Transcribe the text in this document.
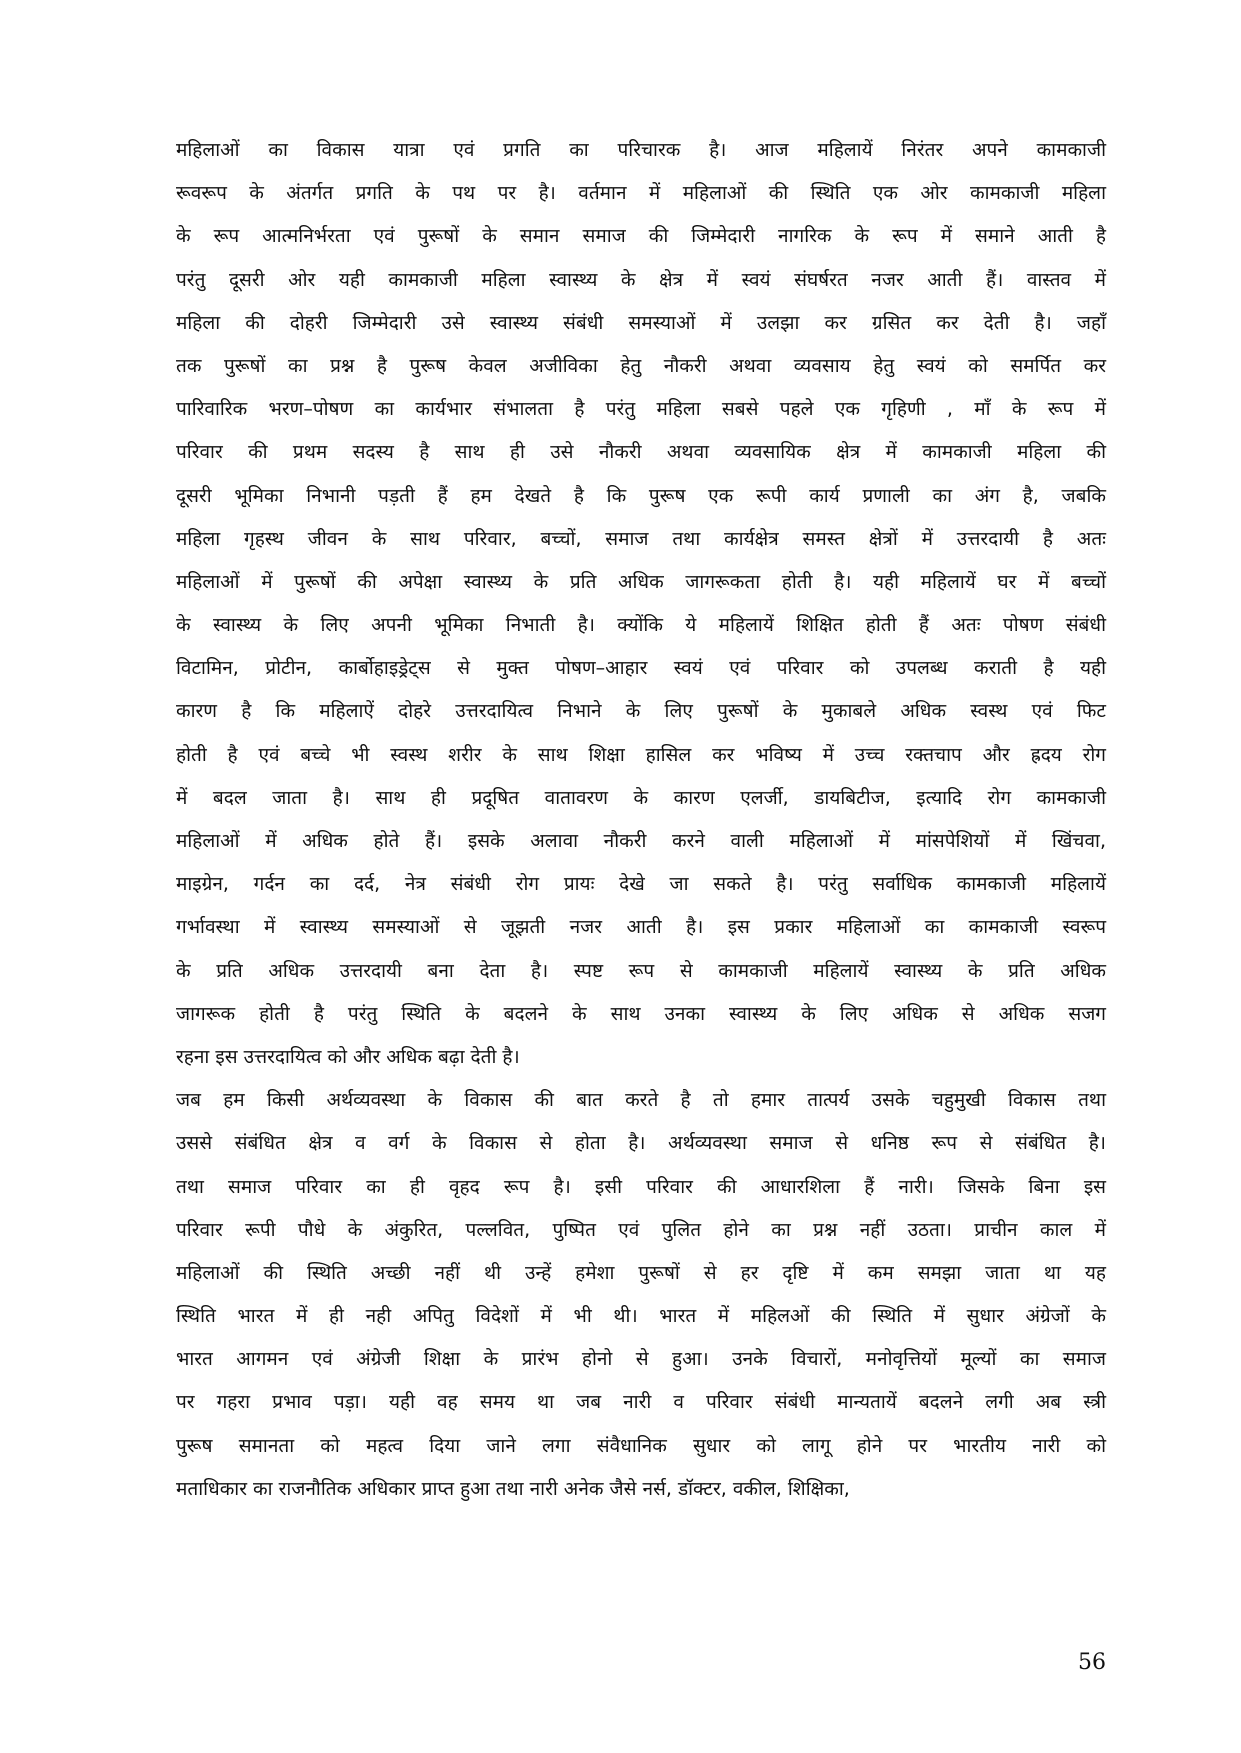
महिलाओं का विकास यात्रा एवं प्रगति का परिचारक है। आज महिलायें निरंतर अपने कामकाजी
रूवरूप के अंतर्गत प्रगति के पथ पर है। वर्तमान में महिलाओं की स्थिति एक ओर कामकाजी महिला
के रूप आत्मनिर्भरता एवं पुरूषों के समान समाज की जिम्मेदारी नागरिक के रूप में समाने आती है
परंतु दूसरी ओर यही कामकाजी महिला स्वास्थ्य के क्षेत्र में स्वयं संघर्षरत नजर आती हैं। वास्तव में
महिला की दोहरी जिम्मेदारी उसे स्वास्थ्य संबंधी समस्याओं में उलझा कर ग्रसित कर देती है। जहॉं
तक पुरूषों का प्रश्न है पुरूष केवल अजीविका हेतु नौकरी अथवा व्यवसाय हेतु स्वयं को समर्पित कर
पारिवारिक भरण–पोषण का कार्यभार संभालता है परंतु महिला सबसे पहले एक गृहिणी , मॉं के रूप में
परिवार की प्रथम सदस्य है साथ ही उसे नौकरी अथवा व्यवसायिक क्षेत्र में कामकाजी महिला की
दूसरी भूमिका निभानी पड़ती हैं हम देखते है कि पुरूष एक रूपी कार्य प्रणाली का अंग है, जबकि
महिला गृहस्थ जीवन के साथ परिवार, बच्चों, समाज तथा कार्यक्षेत्र समस्त क्षेत्रों में उत्तरदायी है अतः
महिलाओं में पुरूषों की अपेक्षा स्वास्थ्य के प्रति अधिक जागरूकता होती है। यही महिलायें घर में बच्चों
के स्वास्थ्य के लिए अपनी भूमिका निभाती है। क्योंकि ये महिलायें शिक्षित होती हैं अतः पोषण संबंधी
विटामिन, प्रोटीन, कार्बोहाइड्रेट्स से मुक्त पोषण–आहार स्वयं एवं परिवार को उपलब्ध कराती है यही
कारण है कि महिलाऐं दोहरे उत्तरदायित्व निभाने के लिए पुरूषों के मुकाबले अधिक स्वस्थ एवं फिट
होती है एवं बच्चे भी स्वस्थ शरीर के साथ शिक्षा हासिल कर भविष्य में उच्च रक्तचाप और ह्रदय रोग
में बदल जाता है। साथ ही प्रदूषित वातावरण के कारण एलर्जी, डायबिटीज, इत्यादि रोग कामकाजी
महिलाओं में अधिक होते हैं। इसके अलावा नौकरी करने वाली महिलाओं में मांसपेशियों में खिंचवा,
माइग्रेन, गर्दन का दर्द, नेत्र संबंधी रोग प्रायः देखे जा सकते है। परंतु सर्वाधिक कामकाजी महिलायें
गर्भावस्था में स्वास्थ्य समस्याओं से जूझती नजर आती है। इस प्रकार महिलाओं का कामकाजी स्वरूप
के प्रति अधिक उत्तरदायी बना देता है। स्पष्ट रूप से कामकाजी महिलायें स्वास्थ्य के प्रति अधिक
जागरूक होती है परंतु स्थिति के बदलने के साथ उनका स्वास्थ्य के लिए अधिक से अधिक सजग
रहना इस उत्तरदायित्व को और अधिक बढ़ा देती है।
जब हम किसी अर्थव्यवस्था के विकास की बात करते है तो हमार तात्पर्य उसके चहुमुखी विकास तथा
उससे संबंधित क्षेत्र व वर्ग के विकास से होता है। अर्थव्यवस्था समाज से धनिष्ठ रूप से संबंधित है।
तथा समाज परिवार का ही वृहद रूप है। इसी परिवार की आधारशिला हैं नारी। जिसके बिना इस
परिवार रूपी पौधे के अंकुरित, पल्लवित, पुष्पित एवं पुलित होने का प्रश्न नहीं उठता। प्राचीन काल में
महिलाओं की स्थिति अच्छी नहीं थी उन्हें हमेशा पुरूषों से हर दृष्टि में कम समझा जाता था यह
स्थिति भारत में ही नही अपितु विदेशों में भी थी। भारत में महिलओं की स्थिति में सुधार अंग्रेजों के
भारत आगमन एवं अंग्रेजी शिक्षा के प्रारंभ होनो से हुआ। उनके विचारों, मनोवृत्तियों मूल्यों का समाज
पर गहरा प्रभाव पड़ा। यही वह समय था जब नारी व परिवार संबंधी मान्यतायें बदलने लगी अब स्त्री
पुरूष समानता को महत्व दिया जाने लगा संवैधानिक सुधार को लागू होने पर भारतीय नारी को
मताधिकार का राजनौतिक अधिकार प्राप्त हुआ तथा नारी अनेक जैसे नर्स, डॉक्टर, वकील, शिक्षिका,
56
